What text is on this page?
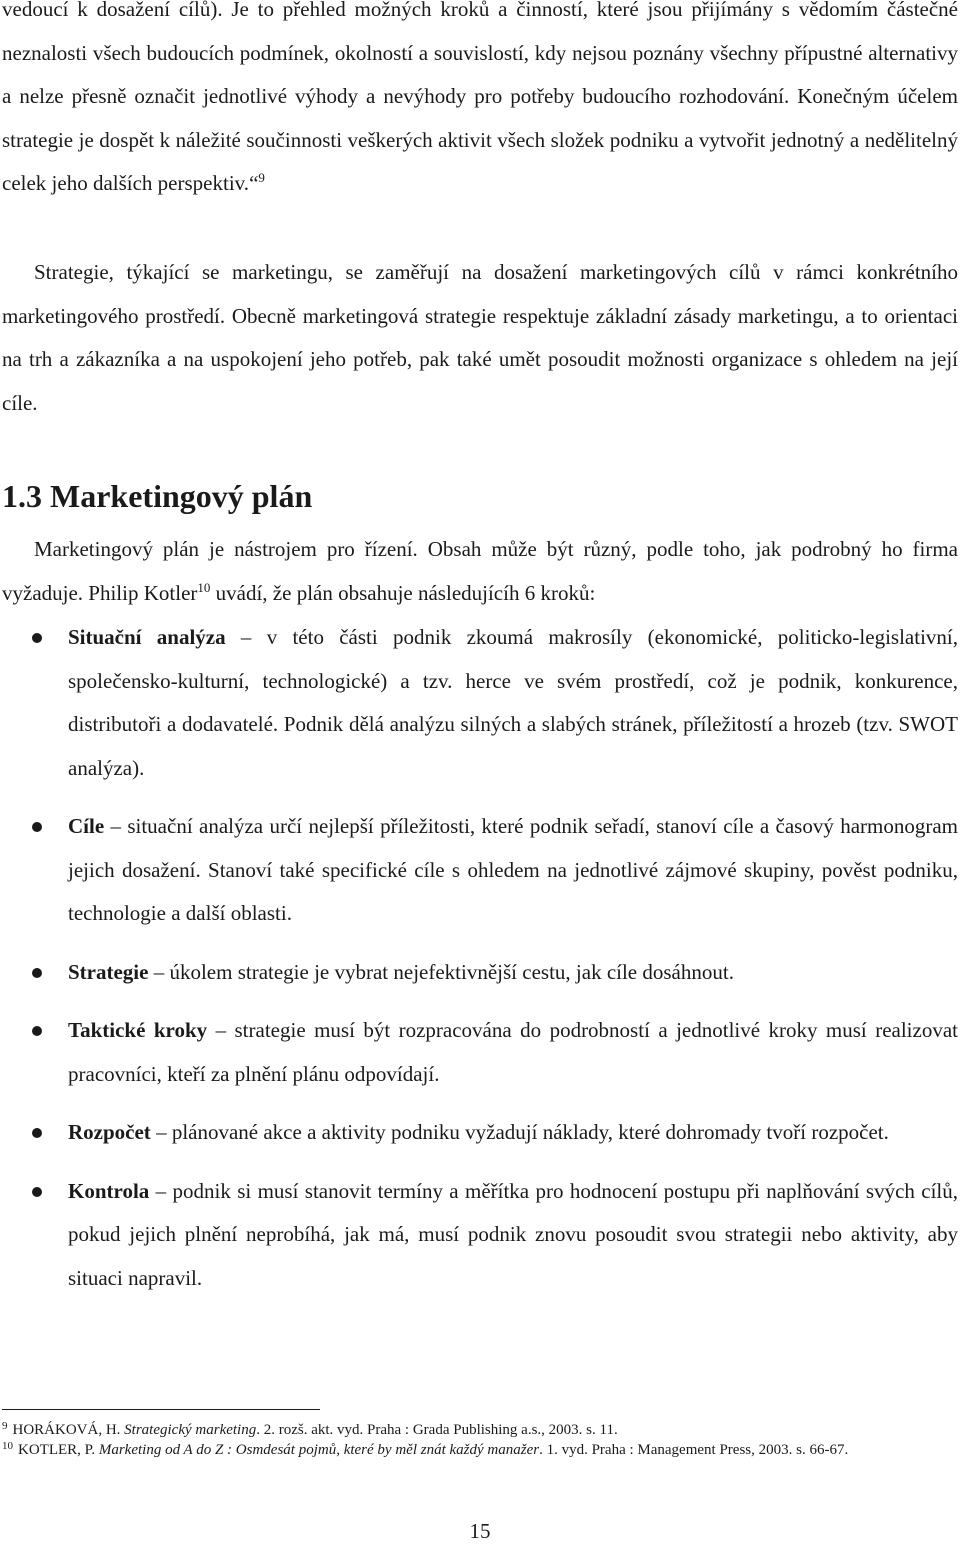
vedoucí k dosažení cílů). Je to přehled možných kroků a činností, které jsou přijímány s vědomím částečné neznalosti všech budoucích podmínek, okolností a souvislostí, kdy nejsou poznány všechny přípustné alternativy a nelze přesně označit jednotlivé výhody a nevýhody pro potřeby budoucího rozhodování. Konečným účelem strategie je dospět k náležité součinnosti veškerých aktivit všech složek podniku a vytvořit jednotný a nedělitelný celek jeho dalších perspektiv.“$^9$

Strategie, týkající se marketingu, se zaměřují na dosažení marketingových cílů v rámci konkrétního marketingového prostředí. Obecně marketingová strategie respektuje základní zásady marketingu, a to orientaci na trh a zákazníka a na uspokojení jeho potřeb, pak také umět posoudit možnosti organizace s ohledem na její cíle.

1.3 Marketingový plán

Marketingový plán je nástrojem pro řízení. Obsah může být různý, podle toho, jak podrobný ho firma vyžaduje. Philip Kotler$^{10}$ uvádí, že plán obsahuje následujícíh 6 kroků:

Situační analýza – v této části podnik zkoumá makrosíly (ekonomické, politicko-legislativní, společensko-kulturní, technologické) a tzv. herce ve svém prostředí, což je podnik, konkurence, distributoři a dodavatelé. Podnik dělá analýzu silných a slabých stránek, příležitostí a hrozeb (tzv. SWOT analýza).
Cíle – situační analýza určí nejlepší příležitosti, které podnik seřadí, stanoví cíle a časový harmonogram jejich dosažení. Stanoví také specifické cíle s ohledem na jednotlivé zájmové skupiny, pověst podniku, technologie a další oblasti.
Strategie – úkolem strategie je vybrat nejefektivnější cestu, jak cíle dosáhnout.
Taktické kroky – strategie musí být rozpracována do podrobností a jednotlivé kroky musí realizovat pracovníci, kteří za plnění plánu odpovídají.
Rozpočet – plánované akce a aktivity podniku vyžadují náklady, které dohromady tvoří rozpočet.
Kontrola – podnik si musí stanovit termíny a měřítka pro hodnocení postupu při naplňování svých cílů, pokud jejich plnění neprobíhá, jak má, musí podnik znovu posoudit svou strategii nebo aktivity, aby situaci napravil.

$^9$ HORÁKOVÁ, H. Strategický marketing. 2. rozš. akt. vyd. Praha : Grada Publishing a.s., 2003. s. 11.

$^{10}$ KOTLER, P. Marketing od A do Z : Osmdesát pojmů, které by měl znát každý manažer. 1. vyd. Praha : Management Press, 2003. s. 66-67.

15
